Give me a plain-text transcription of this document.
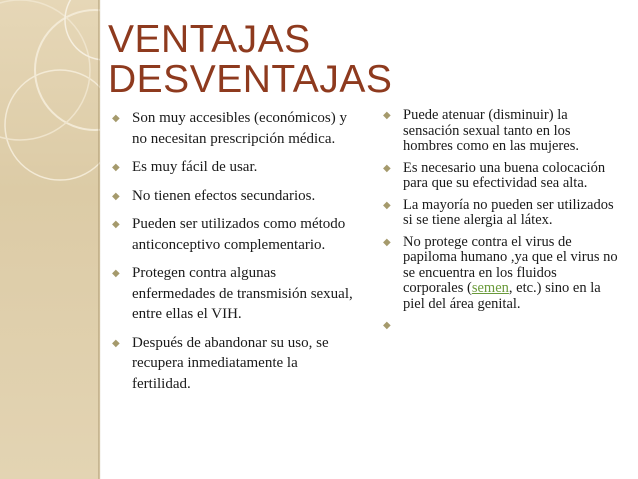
VENTAJAS
DESVENTAJAS
◆ Son muy accesibles (económicos) y no necesitan prescripción médica.
◆ Es muy fácil de usar.
◆ No tienen efectos secundarios.
◆ Pueden ser utilizados como método anticonceptivo complementario.
◆ Protegen contra algunas enfermedades de transmisión sexual, entre ellas el VIH.
◆ Después de abandonar su uso, se recupera inmediatamente la fertilidad.
◆ Puede atenuar (disminuir) la sensación sexual tanto en los hombres como en las mujeres.
◆ Es necesario una buena colocación para que su efectividad sea alta.
◆ La mayoría no pueden ser utilizados si se tiene alergia al látex.
◆ No protege contra el virus de papiloma humano ,ya que el virus no se encuentra en los fluidos corporales (semen, etc.) sino en la piel del área genital.
◆
